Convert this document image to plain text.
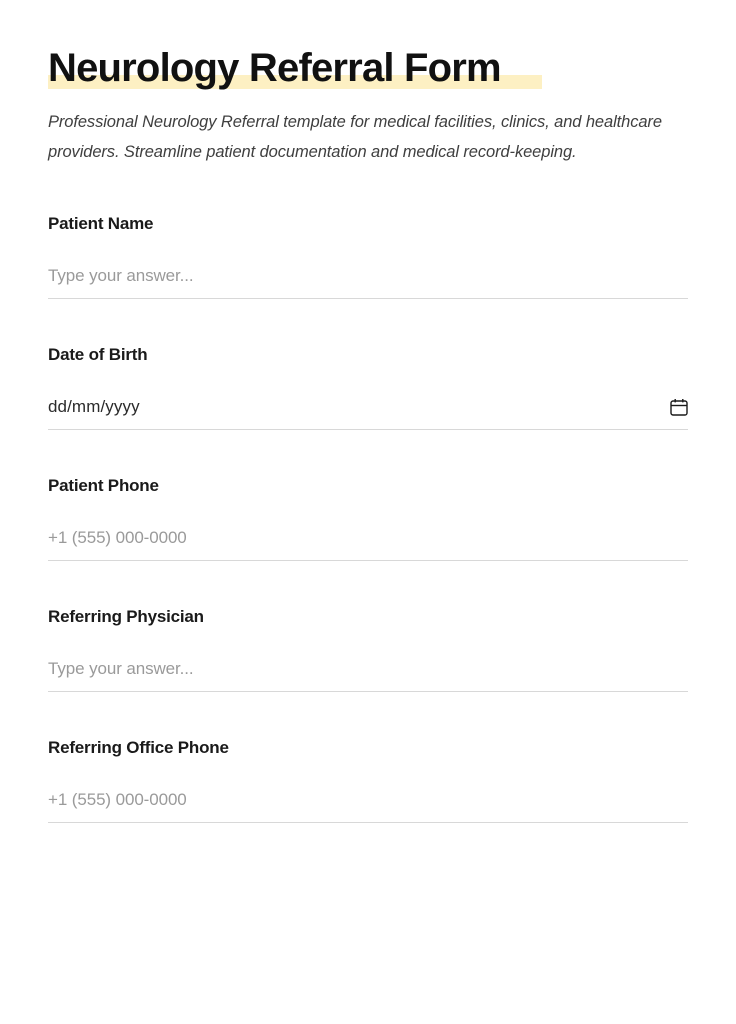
Neurology Referral Form

Professional Neurology Referral template for medical facilities, clinics, and healthcare providers. Streamline patient documentation and medical record-keeping.

Patient Name
Type your answer...
Date of Birth
dd/mm/yyyy
Patient Phone
+1 (555) 000-0000
Referring Physician
Type your answer...
Referring Office Phone
+1 (555) 000-0000
